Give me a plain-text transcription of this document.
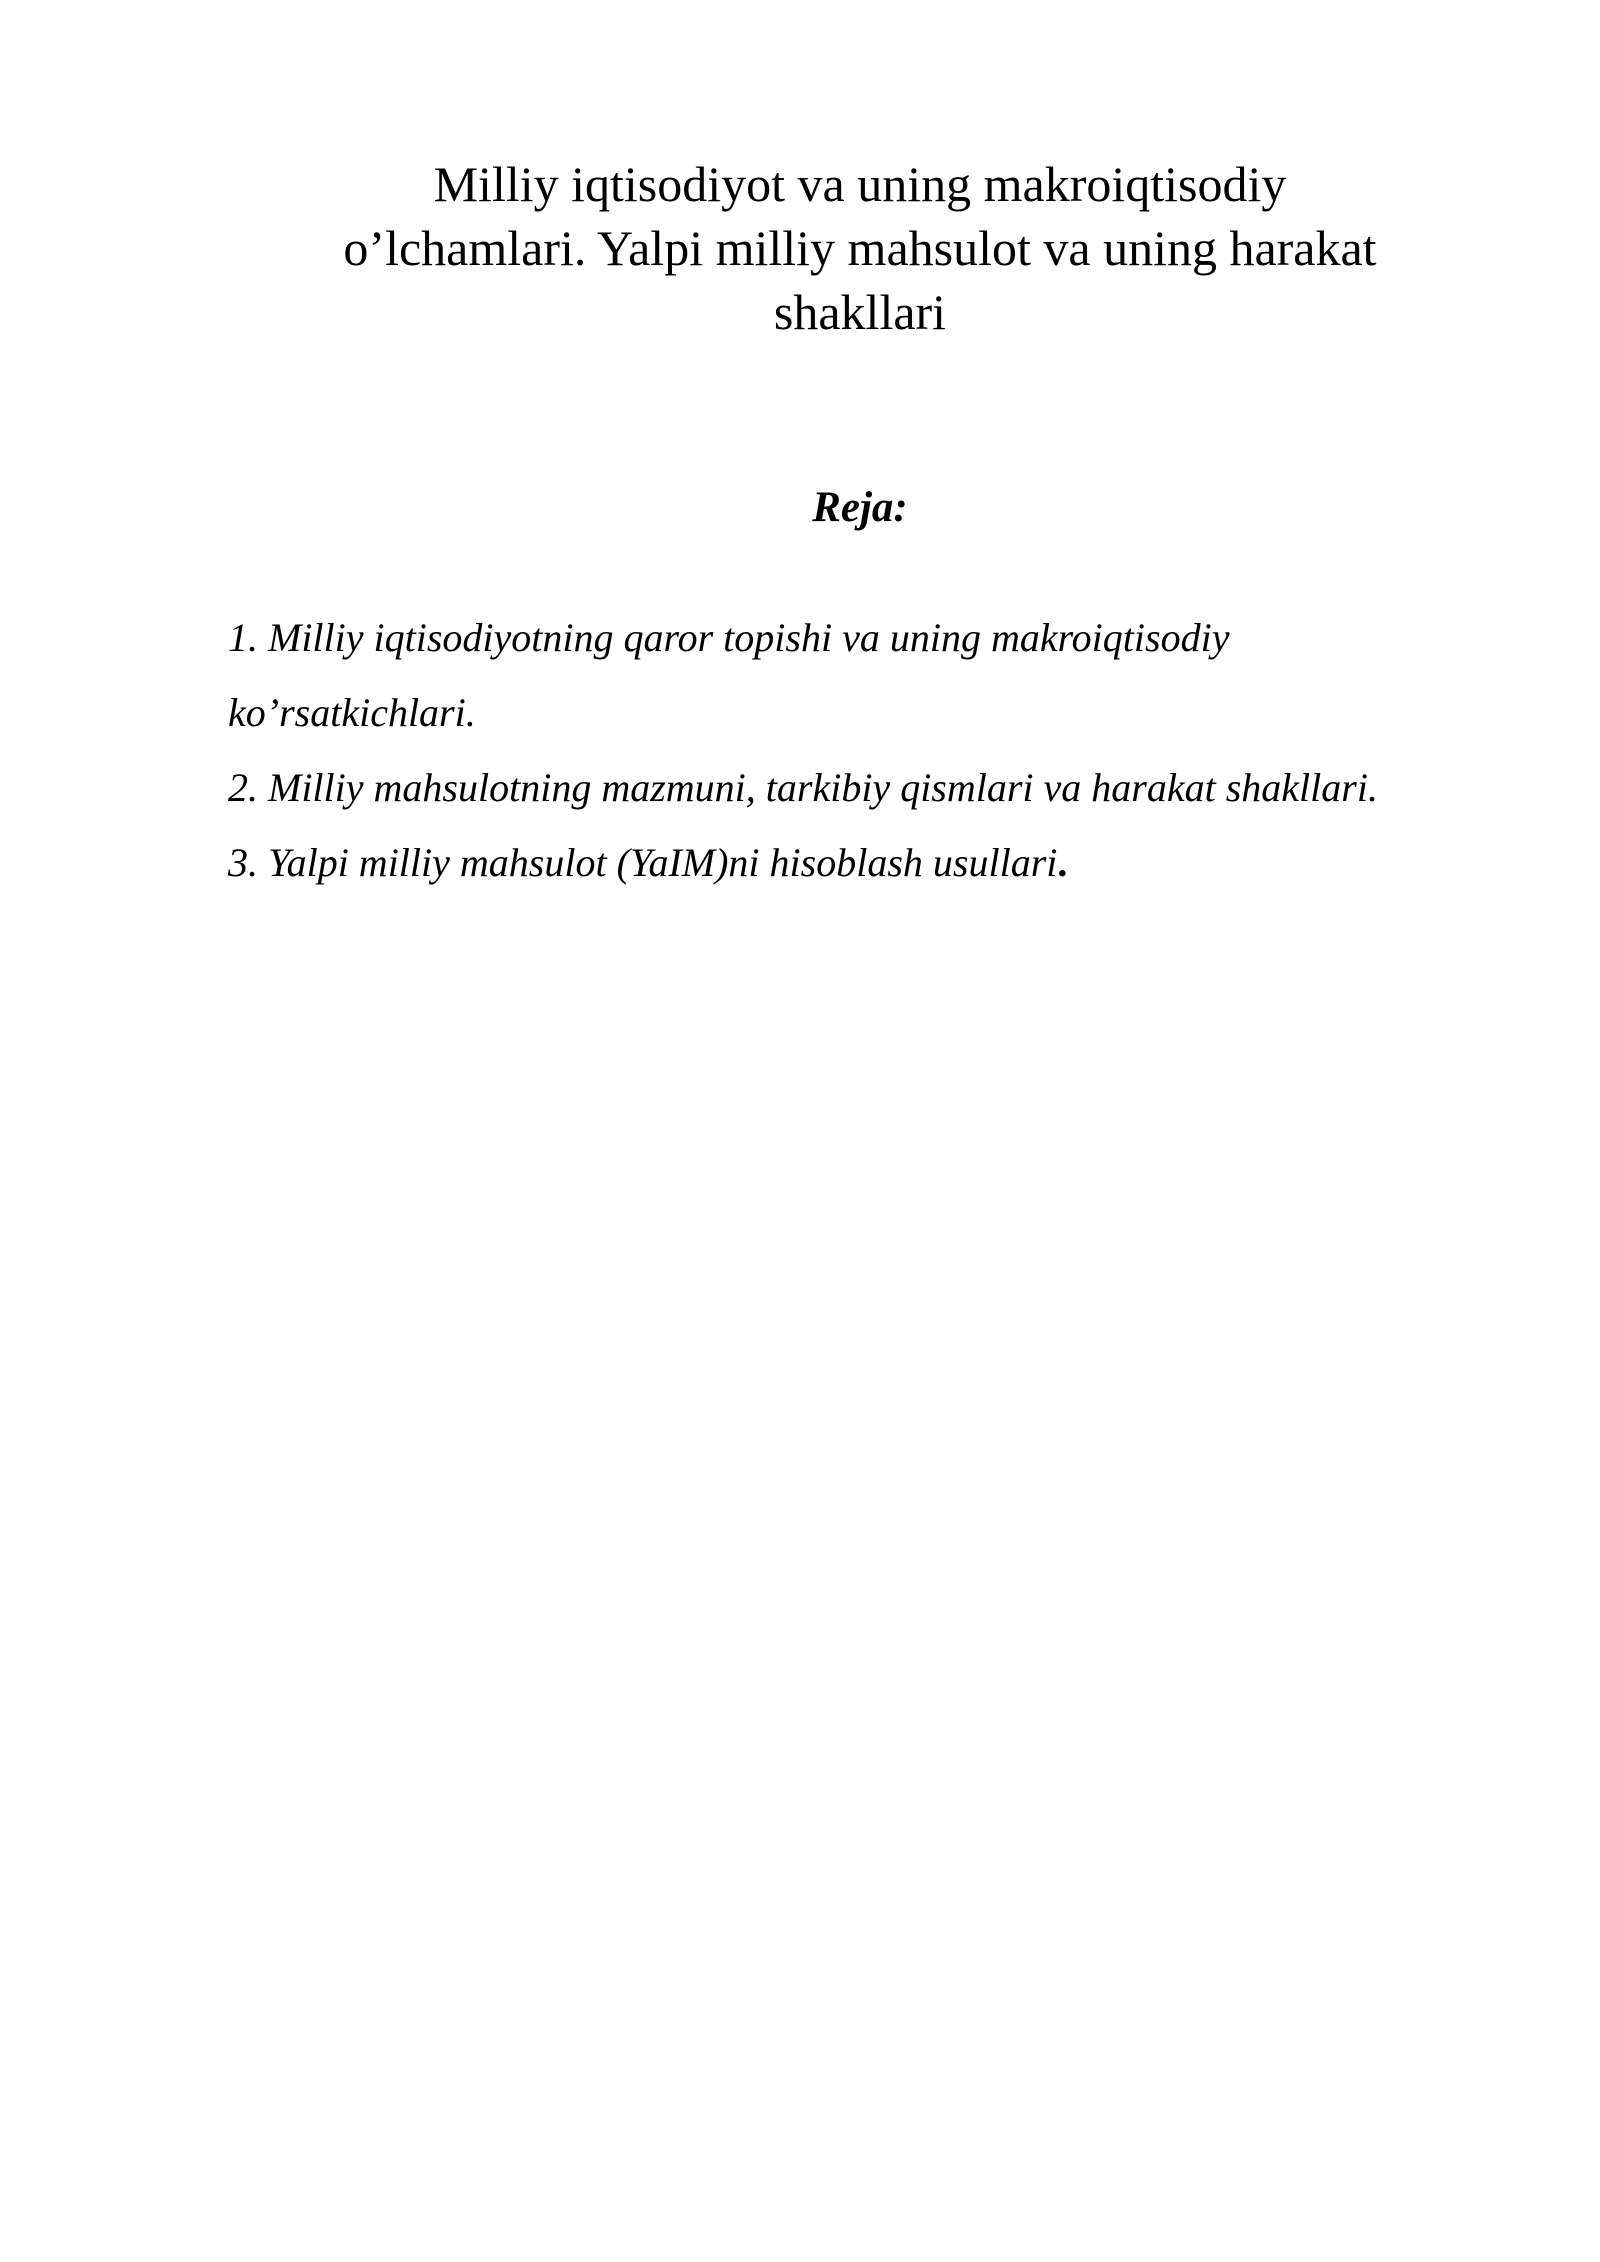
Milliy iqtisodiyot va uning makroiqtisodiy
o’lchamlari. Yalpi milliy mahsulot va uning harakat
shakllari
Reja:
1. Milliy iqtisodiyotning qaror topishi va uning makroiqtisodiy
ko’rsatkichlari.
2. Milliy mahsulotning mazmuni, tarkibiy qismlari va harakat shakllari.
3. Yalpi milliy mahsulot (YaIM)ni hisoblash usullari.
